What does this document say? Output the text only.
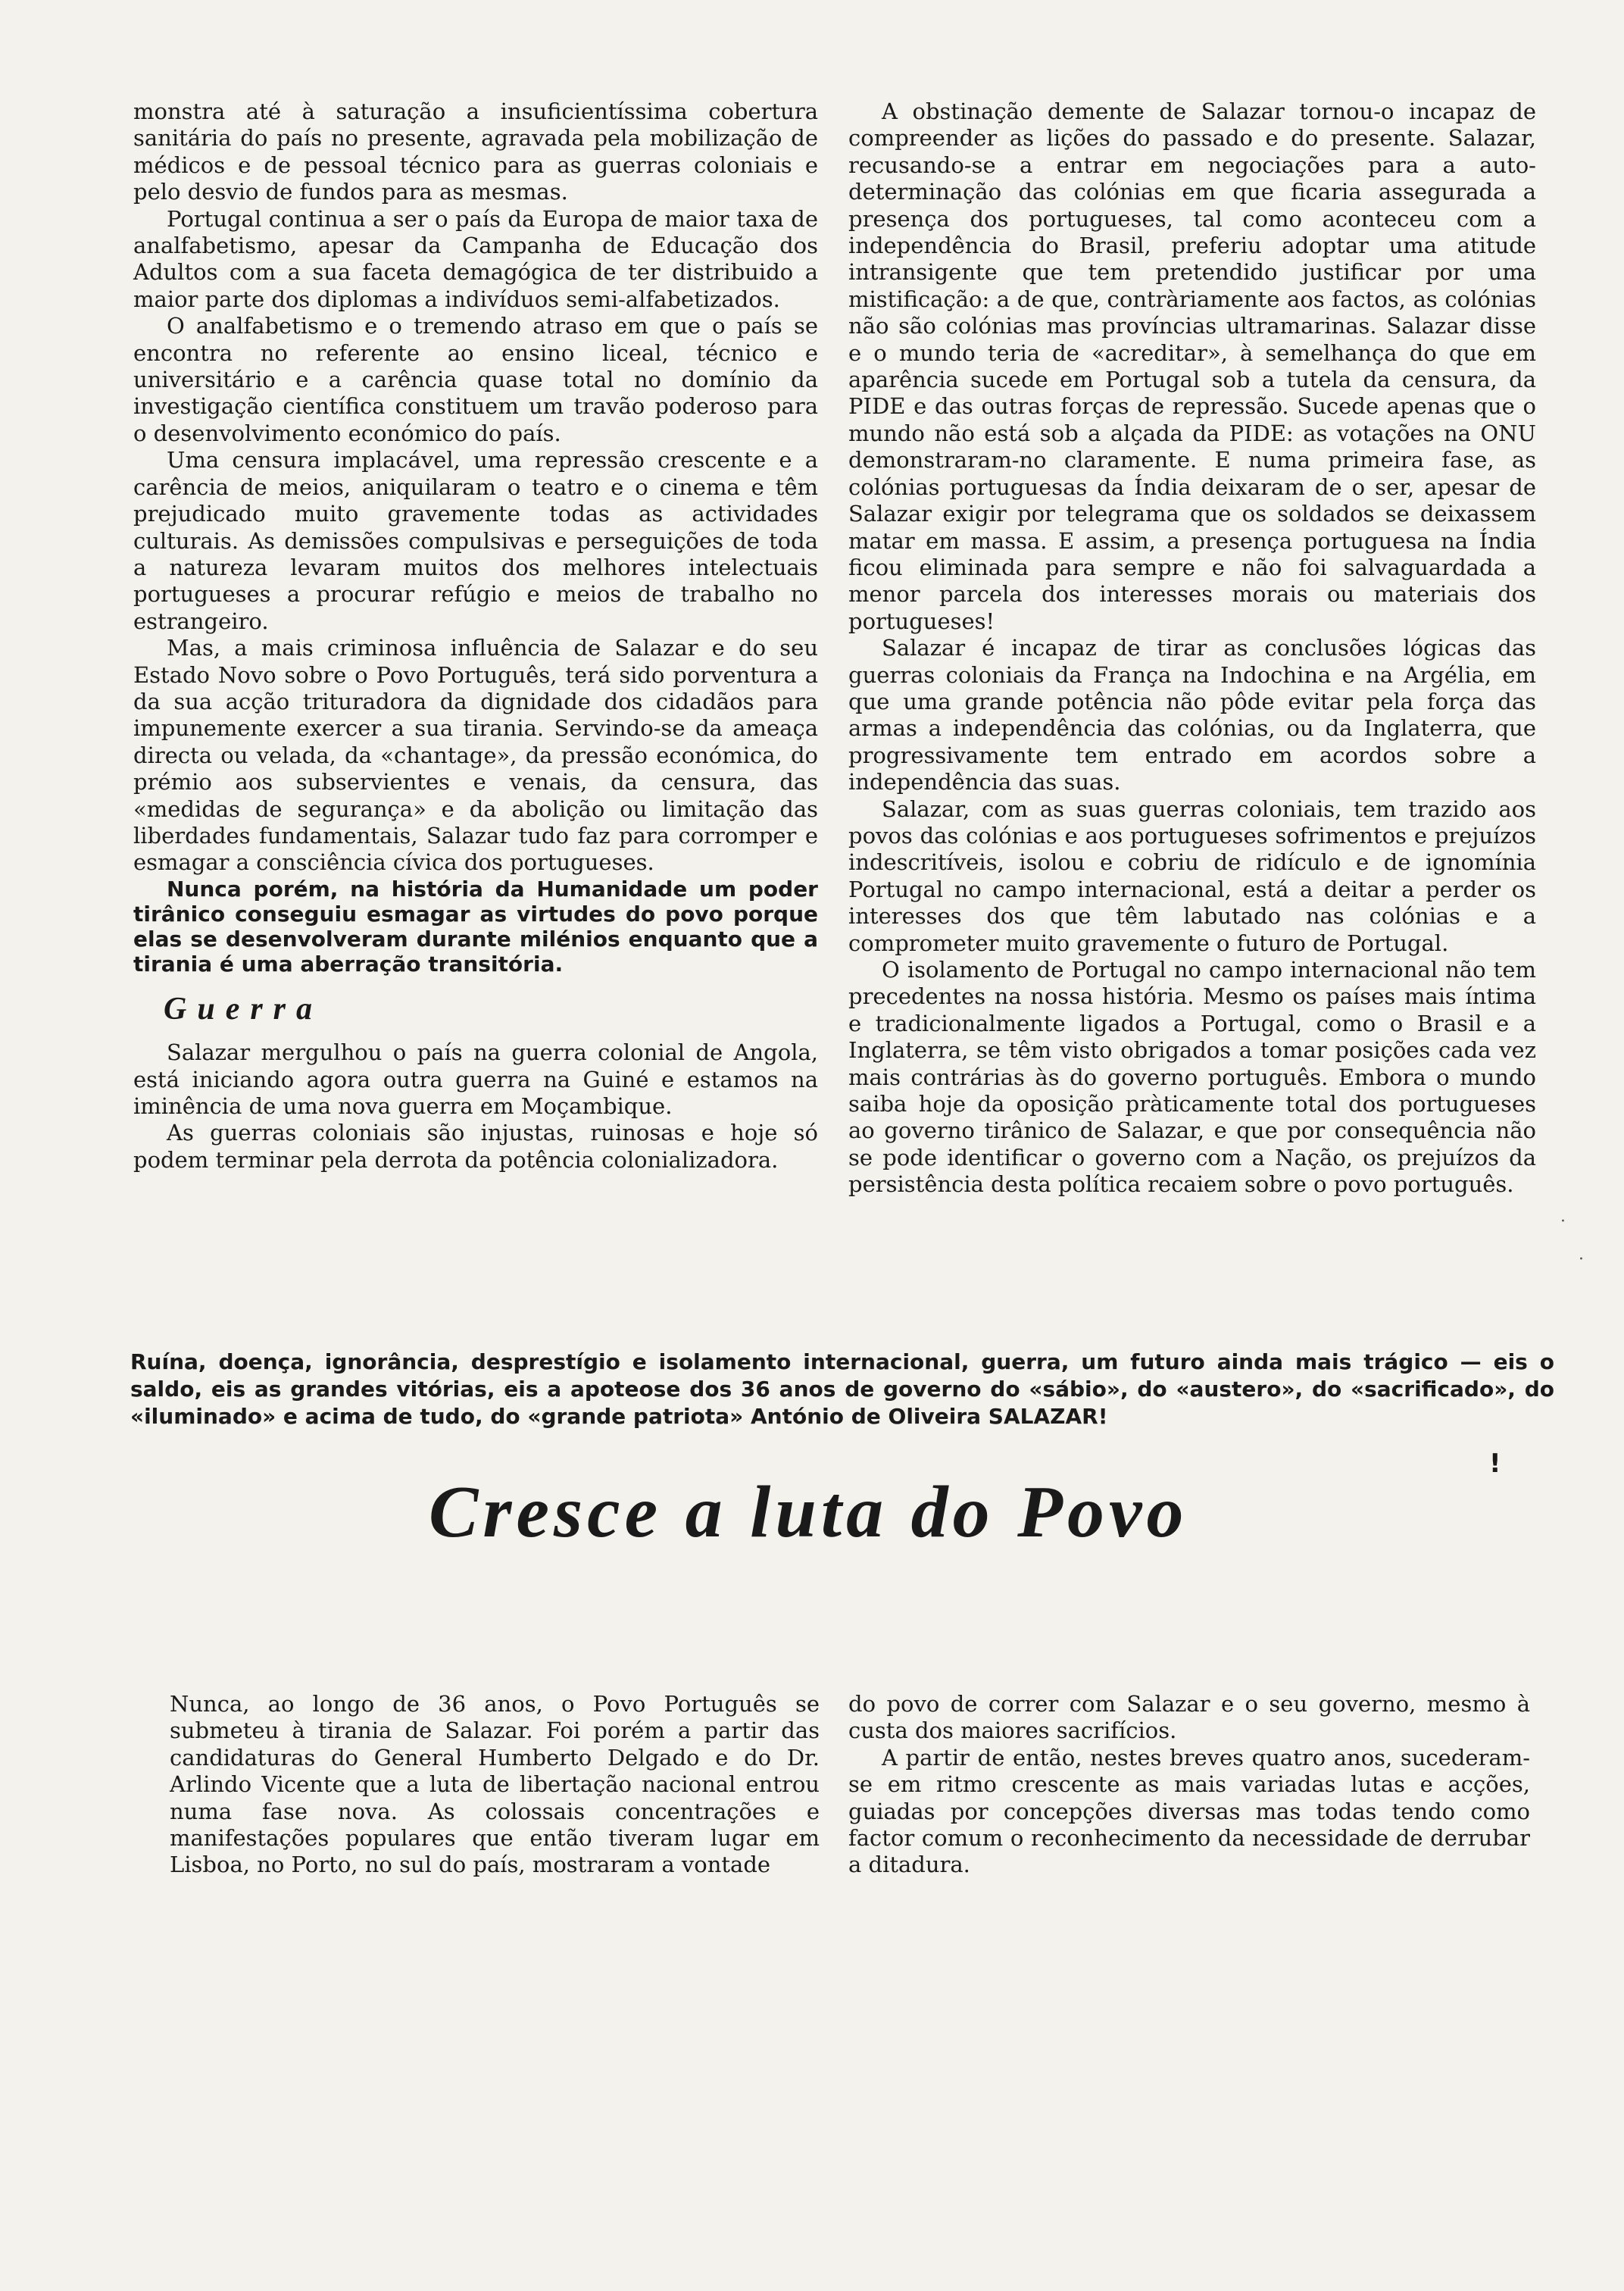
monstra até à saturação a insuficientíssima cobertura sanitária do país no presente, agravada pela mobilização de médicos e de pessoal técnico para as guerras coloniais e pelo desvio de fundos para as mesmas.

Portugal continua a ser o país da Europa de maior taxa de analfabetismo, apesar da Campanha de Educação dos Adultos com a sua faceta demagógica de ter distribuido a maior parte dos diplomas a indivíduos semi-alfabetizados.

O analfabetismo e o tremendo atraso em que o país se encontra no referente ao ensino liceal, técnico e universitário e a carência quase total no domínio da investigação científica constituem um travão poderoso para o desenvolvimento económico do país.

Uma censura implacável, uma repressão crescente e a carência de meios, aniquilaram o teatro e o cinema e têm prejudicado muito gravemente todas as actividades culturais. As demissões compulsivas e perseguições de toda a natureza levaram muitos dos melhores intelectuais portugueses a procurar refúgio e meios de trabalho no estrangeiro.

Mas, a mais criminosa influência de Salazar e do seu Estado Novo sobre o Povo Português, terá sido porventura a da sua acção trituradora da dignidade dos cidadãos para impunemente exercer a sua tirania. Servindo-se da ameaça directa ou velada, da «chantage», da pressão económica, do prémio aos subservientes e venais, da censura, das «medidas de segurança» e da abolição ou limitação das liberdades fundamentais, Salazar tudo faz para corromper e esmagar a consciência cívica dos portugueses.

Nunca porém, na história da Humanidade um poder tirânico conseguiu esmagar as virtudes do povo porque elas se desenvolveram durante milénios enquanto que a tirania é uma aberração transitória.

Guerra

Salazar mergulhou o país na guerra colonial de Angola, está iniciando agora outra guerra na Guiné e estamos na iminência de uma nova guerra em Moçambique.

As guerras coloniais são injustas, ruinosas e hoje só podem terminar pela derrota da potência colonializadora.

A obstinação demente de Salazar tornou-o incapaz de compreender as lições do passado e do presente. Salazar, recusando-se a entrar em negociações para a auto-determinação das colónias em que ficaria assegurada a presença dos portugueses, tal como aconteceu com a independência do Brasil, preferiu adoptar uma atitude intransigente que tem pretendido justificar por uma mistificação: a de que, contràriamente aos factos, as colónias não são colónias mas províncias ultramarinas. Salazar disse e o mundo teria de «acreditar», à semelhança do que em aparência sucede em Portugal sob a tutela da censura, da PIDE e das outras forças de repressão. Sucede apenas que o mundo não está sob a alçada da PIDE: as votações na ONU demonstraram-no claramente. E numa primeira fase, as colónias portuguesas da Índia deixaram de o ser, apesar de Salazar exigir por telegrama que os soldados se deixassem matar em massa. E assim, a presença portuguesa na Índia ficou eliminada para sempre e não foi salvaguardada a menor parcela dos interesses morais ou materiais dos portugueses!

Salazar é incapaz de tirar as conclusões lógicas das guerras coloniais da França na Indochina e na Argélia, em que uma grande potência não pôde evitar pela força das armas a independência das colónias, ou da Inglaterra, que progressivamente tem entrado em acordos sobre a independência das suas.

Salazar, com as suas guerras coloniais, tem trazido aos povos das colónias e aos portugueses sofrimentos e prejuízos indescritíveis, isolou e cobriu de ridículo e de ignomínia Portugal no campo internacional, está a deitar a perder os interesses dos que têm labutado nas colónias e a comprometer muito gravemente o futuro de Portugal.

O isolamento de Portugal no campo internacional não tem precedentes na nossa história. Mesmo os países mais íntima e tradicionalmente ligados a Portugal, como o Brasil e a Inglaterra, se têm visto obrigados a tomar posições cada vez mais contrárias às do governo português. Embora o mundo saiba hoje da oposição pràticamente total dos portugueses ao governo tirânico de Salazar, e que por consequência não se pode identificar o governo com a Nação, os prejuízos da persistência desta política recaiem sobre o povo português.

Ruína, doença, ignorância, desprestígio e isolamento internacional, guerra, um futuro ainda mais trágico — eis o saldo, eis as grandes vitórias, eis a apoteose dos 36 anos de governo do «sábio», do «austero», do «sacrificado», do «iluminado» e acima de tudo, do «grande patriota» António de Oliveira SALAZAR!
!
Cresce a luta do Povo

Nunca, ao longo de 36 anos, o Povo Português se submeteu à tirania de Salazar. Foi porém a partir das candidaturas do General Humberto Delgado e do Dr. Arlindo Vicente que a luta de libertação nacional entrou numa fase nova. As colossais concentrações e manifestações populares que então tiveram lugar em Lisboa, no Porto, no sul do país, mostraram a vontade

do povo de correr com Salazar e o seu governo, mesmo à custa dos maiores sacrifícios.

A partir de então, nestes breves quatro anos, sucederam-se em ritmo crescente as mais variadas lutas e acções, guiadas por concepções diversas mas todas tendo como factor comum o reconhecimento da necessidade de derrubar a ditadura.

·
·
